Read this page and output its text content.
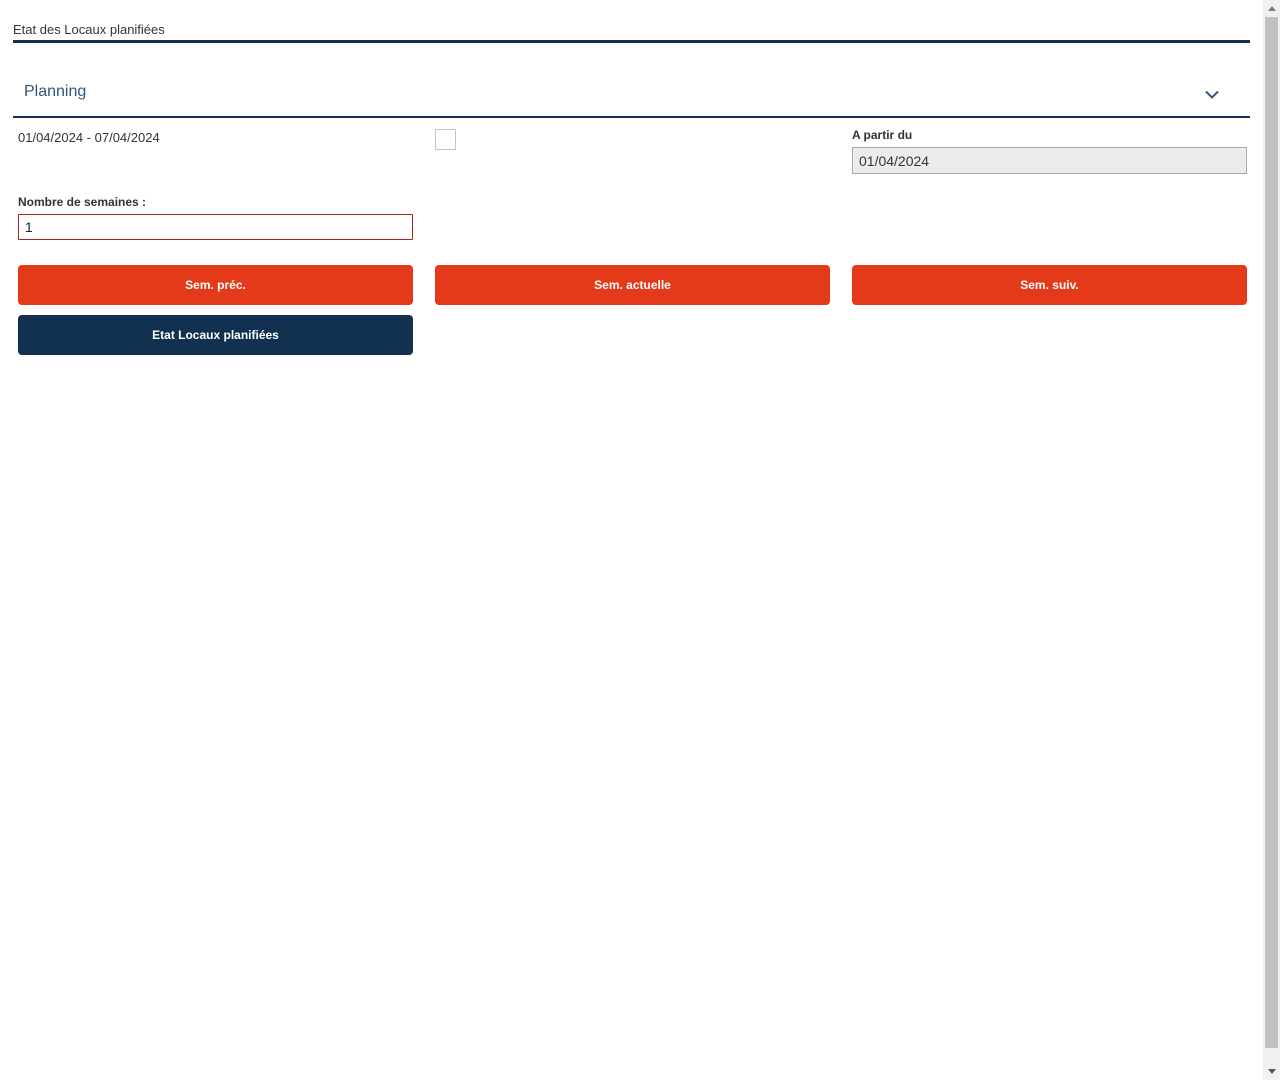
Etat des Locaux planifiées
Planning
01/04/2024 - 07/04/2024	A partir du
01/04/2024
Nombre de semaines :
1
Sem. préc.	Sem. actuelle	Sem. suiv.
Etat Locaux planifiées
